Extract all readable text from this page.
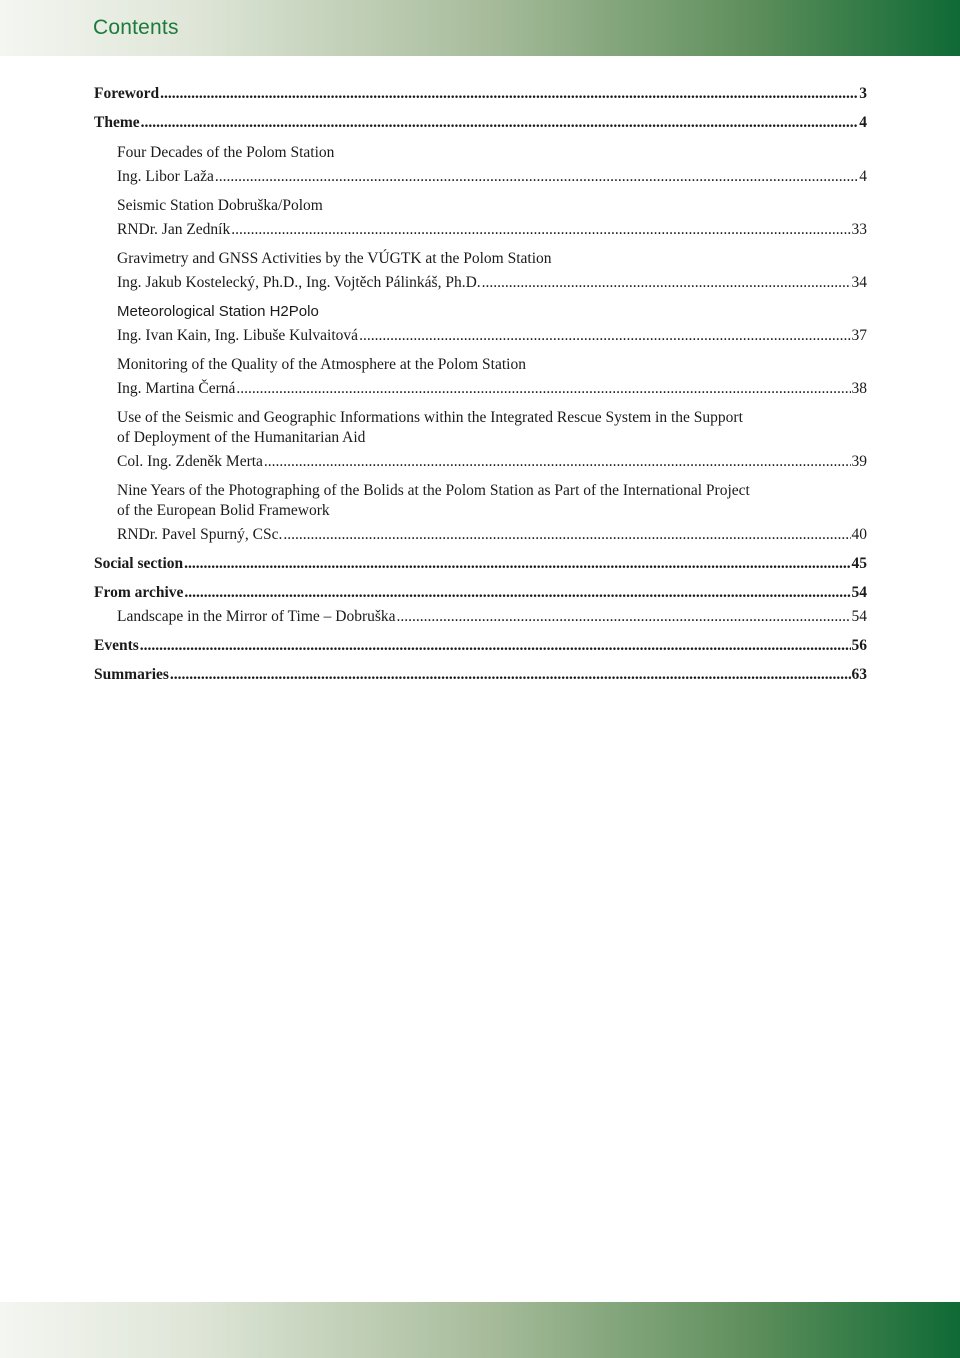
Contents
Foreword .....	3
Theme .....	4
Four Decades of the Polom Station
Ing. Libor Laža .....	4
Seismic Station Dobruška/Polom
RNDr. Jan Zedník .....	33
Gravimetry and GNSS Activities by the VÚGTK at the Polom Station
Ing. Jakub Kostelecký, Ph.D., Ing. Vojtěch Pálinkáš, Ph.D. .....	34
Meteorological Station H2Polo
Ing. Ivan Kain, Ing. Libuše Kulvaitová .....	37
Monitoring of the Quality of the Atmosphere at the Polom Station
Ing. Martina Černá .....	38
Use of the Seismic and Geographic Informations within the Integrated Rescue System in the Support
of Deployment of the Humanitarian Aid
Col. Ing. Zdeněk Merta .....	39
Nine Years of the Photographing of the Bolids at the Polom Station as Part of the International Project
of the European Bolid Framework
RNDr. Pavel Spurný, CSc. .....	40
Social section .....	45
From archive .....	54
Landscape in the Mirror of Time – Dobruška .....	54
Events .....	56
Summaries .....	63
